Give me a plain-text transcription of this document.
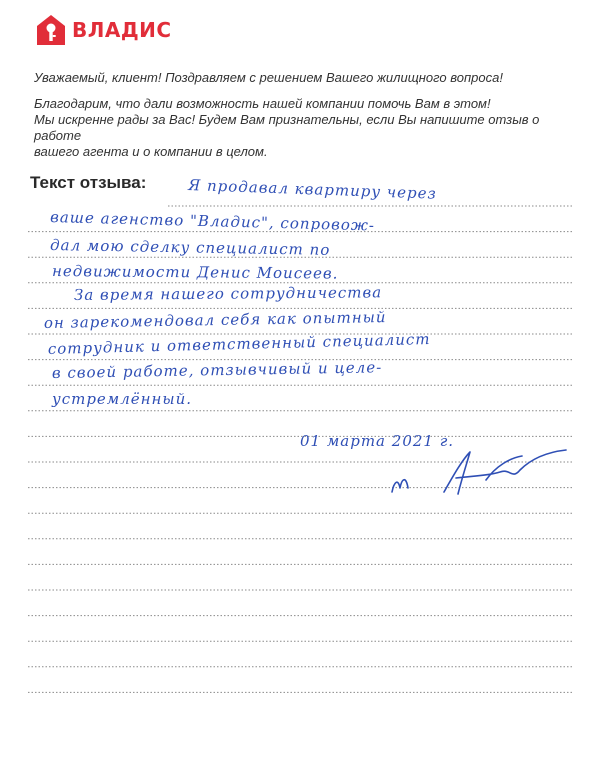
ВЛАДИС

Уважаемый, клиент! Поздравляем с решением Вашего жилищного вопроса!

Благодарим, что дали возможность нашей компании помочь Вам в этом!

Мы искренне рады за Вас! Будем Вам признательны, если Вы напишите отзыв о работе

вашего агента и о компании в целом.

Текст отзыва:	Я продавал квартиру через
ваше агенство "Владис", сопровож-
дал мою сделку специалист по
недвижимости Денис Моисеев.
За время нашего сотрудничества
он зарекомендовал себя как опытный
сотрудник и ответственный специалист
в своей работе, отзывчивый и целе-
устремлённый.
01 марта 2021 г.
